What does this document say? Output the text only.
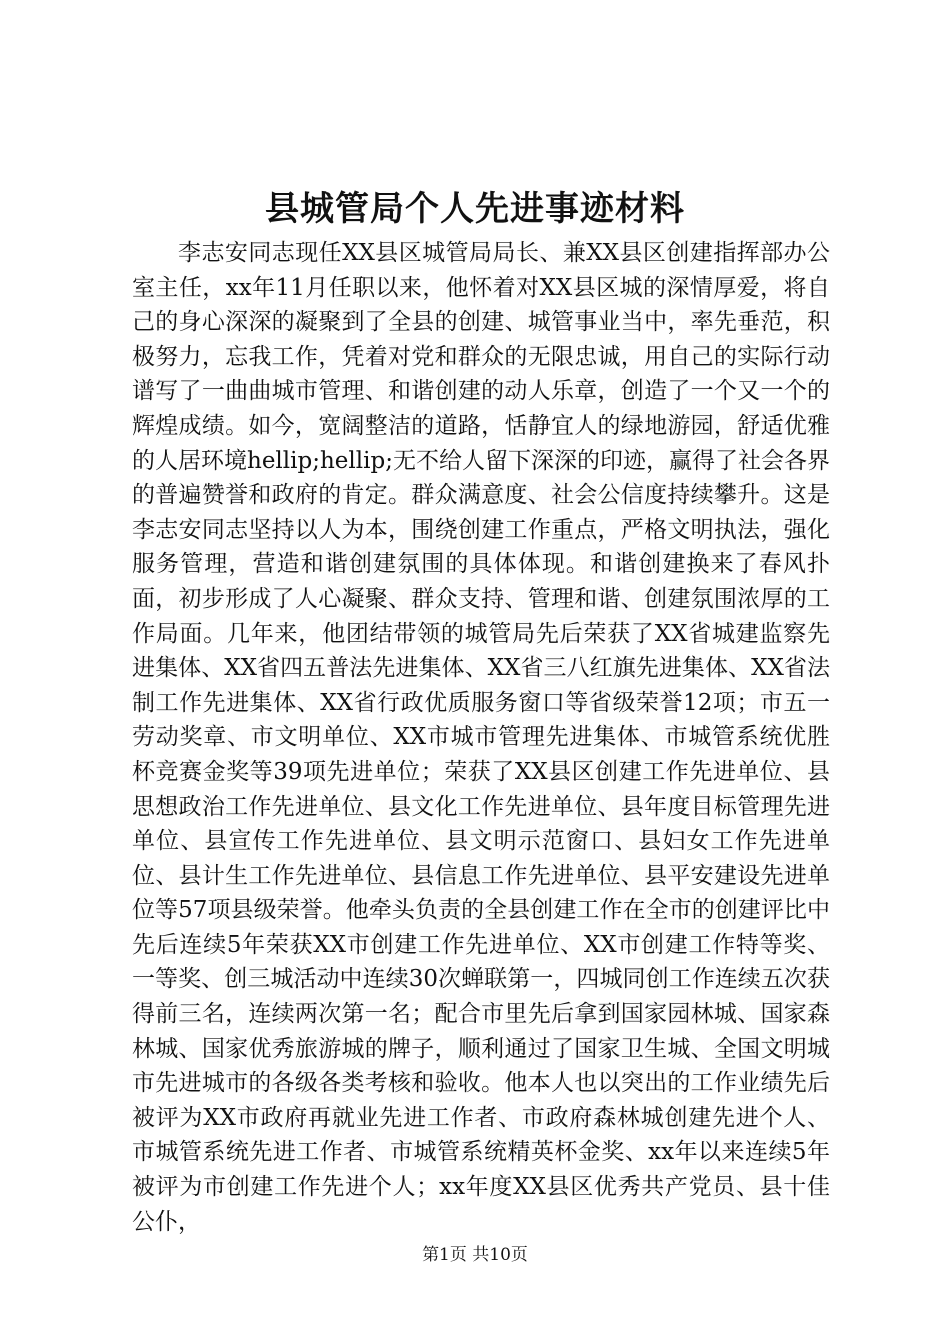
县城管局个人先进事迹材料

李志安同志现任XX县区城管局局长、兼XX县区创建指挥部办公室主任，xx年11月任职以来，他怀着对XX县区城的深情厚爱，将自己的身心深深的凝聚到了全县的创建、城管事业当中，率先垂范，积极努力，忘我工作，凭着对党和群众的无限忠诚，用自己的实际行动谱写了一曲曲城市管理、和谐创建的动人乐章，创造了一个又一个的辉煌成绩。如今，宽阔整洁的道路，恬静宜人的绿地游园，舒适优雅的人居环境hellip;hellip;无不给人留下深深的印迹，赢得了社会各界的普遍赞誉和政府的肯定。群众满意度、社会公信度持续攀升。这是李志安同志坚持以人为本，围绕创建工作重点，严格文明执法，强化服务管理，营造和谐创建氛围的具体体现。和谐创建换来了春风扑面，初步形成了人心凝聚、群众支持、管理和谐、创建氛围浓厚的工作局面。几年来，他团结带领的城管局先后荣获了XX省城建监察先进集体、XX省四五普法先进集体、XX省三八红旗先进集体、XX省法制工作先进集体、XX省行政优质服务窗口等省级荣誉12项；市五一劳动奖章、市文明单位、XX市城市管理先进集体、市城管系统优胜杯竞赛金奖等39项先进单位；荣获了XX县区创建工作先进单位、县思想政治工作先进单位、县文化工作先进单位、县年度目标管理先进单位、县宣传工作先进单位、县文明示范窗口、县妇女工作先进单位、县计生工作先进单位、县信息工作先进单位、县平安建设先进单位等57项县级荣誉。他牵头负责的全县创建工作在全市的创建评比中先后连续5年荣获XX市创建工作先进单位、XX市创建工作特等奖、一等奖、创三城活动中连续30次蝉联第一，四城同创工作连续五次获得前三名，连续两次第一名；配合市里先后拿到国家园林城、国家森林城、国家优秀旅游城的牌子，顺利通过了国家卫生城、全国文明城市先进城市的各级各类考核和验收。他本人也以突出的工作业绩先后被评为XX市政府再就业先进工作者、市政府森林城创建先进个人、市城管系统先进工作者、市城管系统精英杯金奖、xx年以来连续5年被评为市创建工作先进个人；xx年度XX县区优秀共产党员、县十佳公仆，

第1页 共10页
